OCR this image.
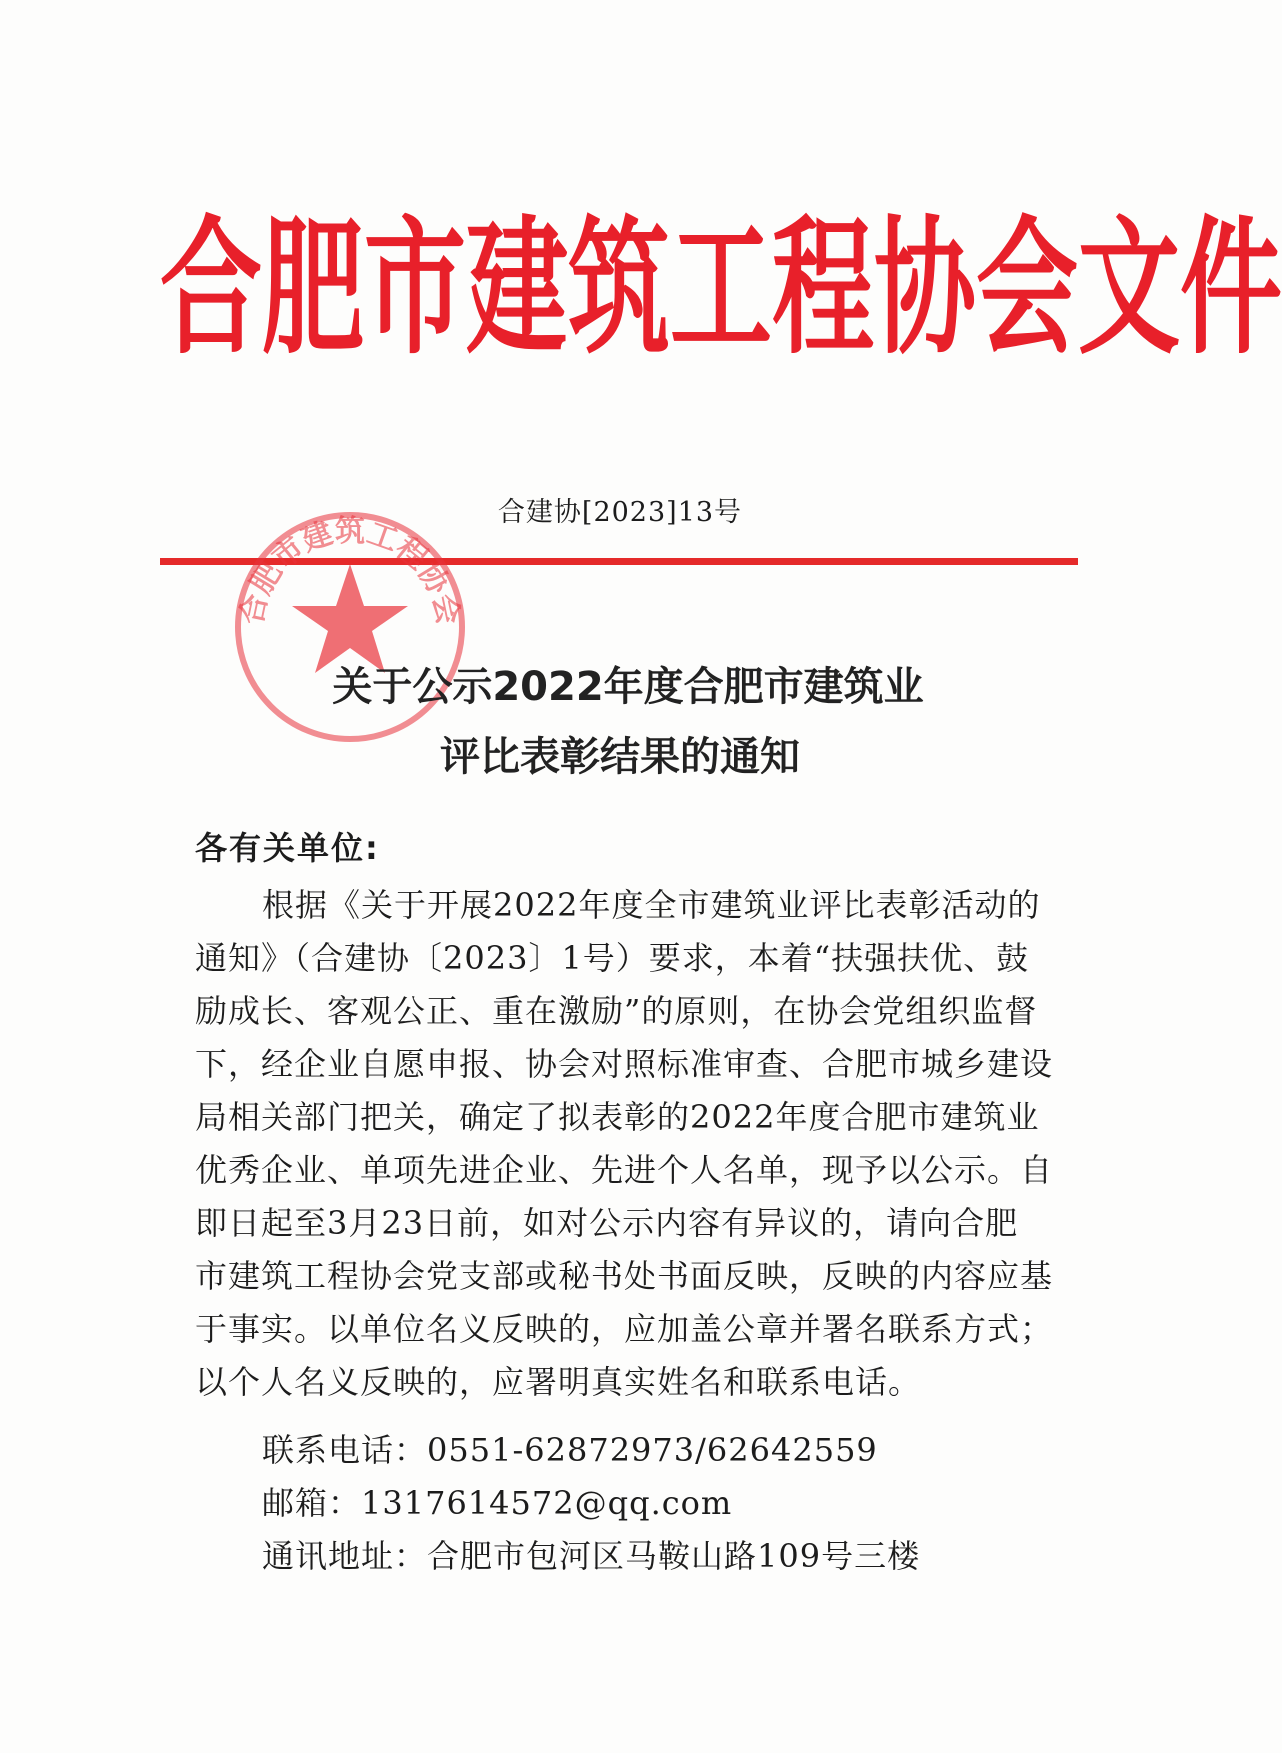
合 肥 市 建 筑 工 程 协 会 文 件
合建协[2023]13号
合肥市建筑工程协会
关于公示2022年度合肥市建筑业
评比表彰结果的通知
各有关单位:
根据《关于开展2022年度全市建筑业评比表彰活动的
通知》（合建协〔2023〕1号）要求，本着“扶强扶优、鼓
励成长、客观公正、重在激励”的原则，在协会党组织监督
下，经企业自愿申报、协会对照标准审查、合肥市城乡建设
局相关部门把关，确定了拟表彰的2022年度合肥市建筑业
优秀企业、单项先进企业、先进个人名单，现予以公示。自
即日起至3月23日前，如对公示内容有异议的，请向合肥
市建筑工程协会党支部或秘书处书面反映，反映的内容应基
于事实。以单位名义反映的，应加盖公章并署名联系方式；
以个人名义反映的，应署明真实姓名和联系电话。
联系电话：0551-62872973/62642559
邮箱：1317614572@qq.com
通讯地址：合肥市包河区马鞍山路109号三楼
